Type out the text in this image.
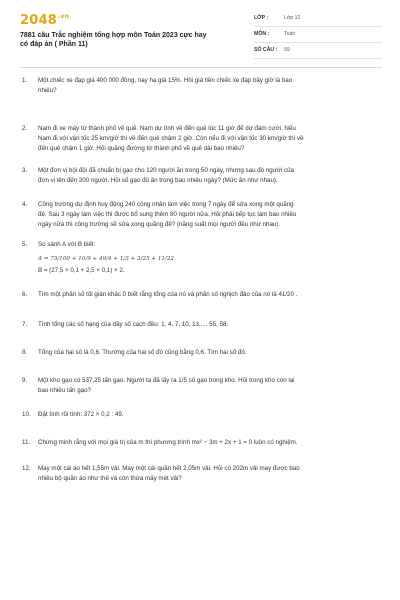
$2048^{.vn}$
7881 câu Trắc nghiệm tổng hợp môn Toán 2023 cực hay
có đáp án ( Phần 11)
LỚP :	Lớp 12
MÔN :	Toán
SỐ CÂU : 59
1. Một chiếc xe đạp giá 400 000 đồng, nay hạ giá 15%. Hỏi giá tiền chiếc xe đạp bây giờ là bao
nhiêu?
2. Nam đi xe máy từ thành phố về quê. Nam dự tính về đến quê lúc 11 giờ để dự đám cưới. Nếu
Nam đi với vận tốc 25 km/giờ thì về đến quê chậm 2 giờ. Còn nếu đi với vận tốc 30 km/giờ thì về
đến quê chậm 1 giờ. Hỏi quãng đường từ thành phố về quê dài bao nhiêu?
3. Một đơn vị bội đội đã chuẩn bị gạo cho 120 người ăn trong 50 ngày, nhưng sau đó người của
đơn vị lên đến 200 người. Hỏi số gạo đủ ăn trong bao nhiêu ngày? (Mức ăn như nhau).
4. Công trường dự định huy động 240 công nhân làm việc trong 7 ngày để sửa xong một quãng
đê. Sau 3 ngày làm việc thì được bổ sung thêm 80 người nữa. Hỏi phải tiếp tục làm bao nhiêu
ngày nữa thì công trường sẽ sửa xong quãng đê? (năng suất mọi người đều như nhau).
5. So sánh A với B biết:
A = 75/100 + 16/9 + 49/4 + 1/3 + 3/25 + 11/22
B = (27,5 × 0,1 + 2,5 × 0,1) × 2.
6. Tìm một phân số tối giản khác 0 biết rằng tổng của nó và phân số nghịch đảo của nó là 41/20 .
7. Tính tổng các số hạng của dãy số cách đều: 1, 4, 7, 10, 13,..., 55, 58.
8. Tổng của hai số là 0,6. Thương của hai số đó cũng bằng 0,6. Tìm hai số đó.
9. Một kho gạo có 537,25 tấn gạo. Người ta đã lấy ra 1/5 số gạo trong kho. Hỏi trong kho còn lại
bao nhiêu tấn gạo?
10. Đặt tính rồi tính: 372 × 0,2 : 49.
11. Chứng minh rằng với mọi giá trị của m thì phương trình mx² − 3m + 2x + 1 = 0 luôn có nghiệm.
12. May một cái áo hết 1,55m vải. May một cái quần hết 2,05m vải. Hỏi có 202m vải may được bao
nhiêu bộ quần áo như thế và còn thừa mấy mét vải?
